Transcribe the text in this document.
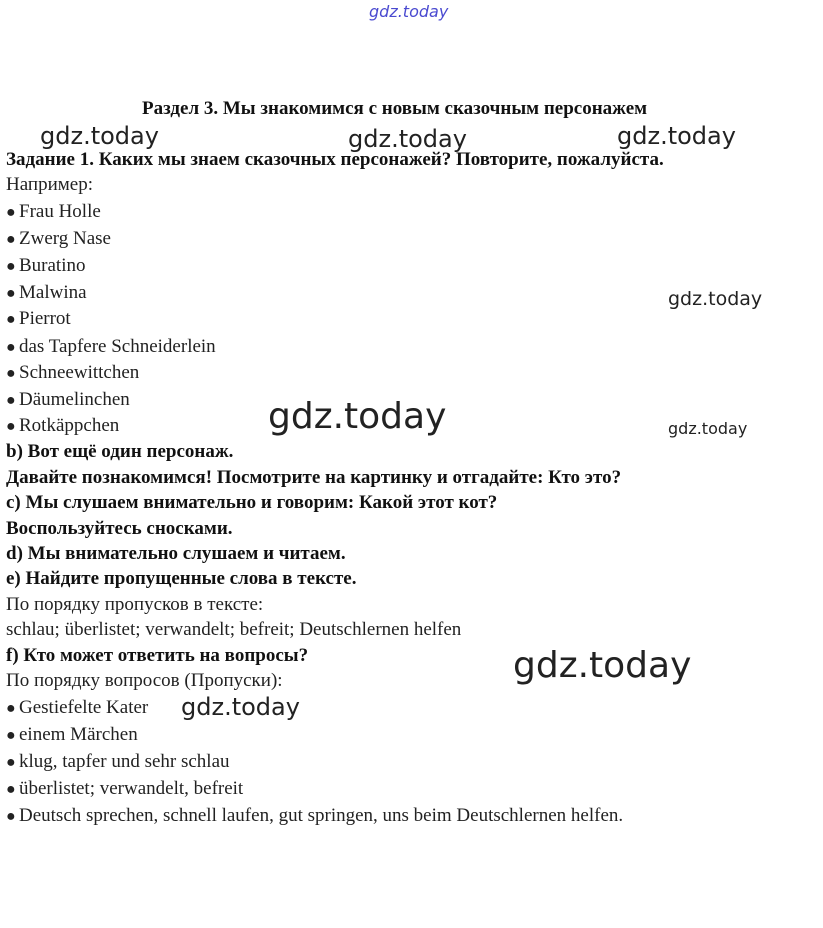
gdz.today
gdz.today	gdz.today	gdz.today
gdz.today
gdz.today	gdz.today
gdz.today
gdz.today
Раздел 3. Мы знакомимся с новым сказочным персонажем
Задание 1. Каких мы знаем сказочных персонажей? Повторите, пожалуйста.
Например:
● Frau Holle
● Zwerg Nase
● Buratino
● Malwina
● Pierrot
● das Tapfere Schneiderlein
● Schneewittchen
● Däumelinchen
● Rotkäppchen
b) Вот ещё один персонаж.
Давайте познакомимся! Посмотрите на картинку и отгадайте: Кто это?
c) Мы слушаем внимательно и говорим: Какой этот кот?
Воспользуйтесь сносками.
d) Мы внимательно слушаем и читаем.
e) Найдите пропущенные слова в тексте.
По порядку пропусков в тексте:
schlau; überlistet; verwandelt; befreit; Deutschlernen helfen
f) Кто может ответить на вопросы?
По порядку вопросов (Пропуски):
● Gestiefelte Kater
● einem Märchen
● klug, tapfer und sehr schlau
● überlistet; verwandelt, befreit
● Deutsch sprechen, schnell laufen, gut springen, uns beim Deutschlernen helfen.
